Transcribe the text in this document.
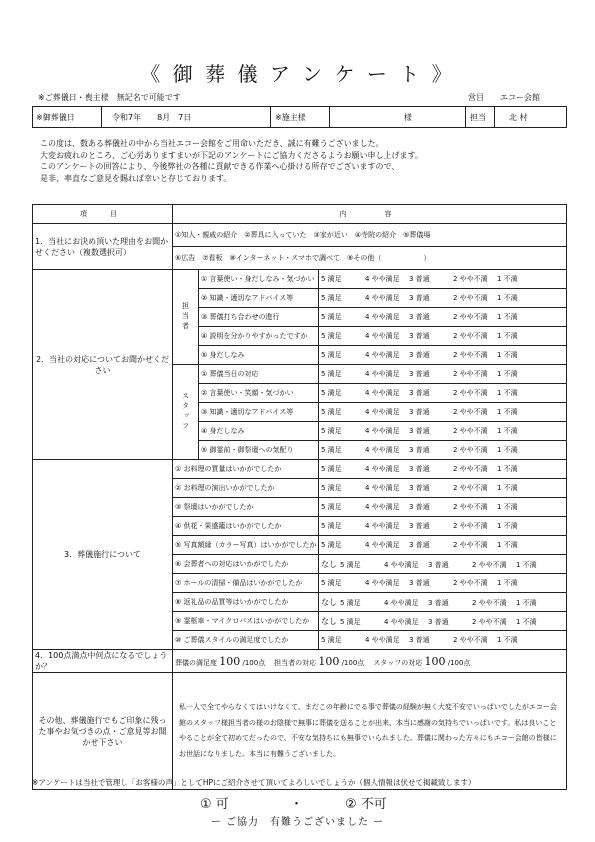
《 御 葬 儀 ア ン ケ ー ト 》
※ご葬儀日・喪主様　無記名で可能です	営目 エコー会館
※御葬儀日	令和7年　　8月　7日	※施主様	様	担当	北 村
この度は、数ある葬儀社の中から当社エコー会館をご用命いただき、誠に有難うございました。
大変お疲れのところ、ご心労ありますまいが下記のアンケートにご協力くださるようお願い申し上げます。
このアンケートの回答により、今後弊社の各種に貢献できる作業へ心掛ける所存でございますので、
是非、率直なご意見を賜れば幸いと存じております。
項　目	内　　容		
1．当社にお決め頂いた理由をお聞かせください（複数選択可）	①知人・親戚の紹介　②葬具に入っていた　③家が近い　④寺院の紹介　⑤葬儀場		
	⑥広告　⑦看板　⑧インターネット・スマホで調べて　⑨その他（　　　　　　）		
2．当社の対応についてお聞かせください	担当者	① 言葉使い・身だしなみ・気づかい	5 満足 4 やや満足 3 普通 2 やや不満 1 不満
		② 知識・適切なアドバイス等	5 満足 4 やや満足 3 普通 2 やや不満 1 不満
		③ 葬儀打ち合わせの進行	5 満足 4 やや満足 3 普通 2 やや不満 1 不満
		④ 説明を分かりやすかったですか	5 満足 4 やや満足 3 普通 2 やや不満 1 不満
		⑤ 身だしなみ	5 満足 4 やや満足 3 普通 2 やや不満 1 不満
	スタッフ	① 葬儀当日の対応	5 満足 4 やや満足 3 普通 2 やや不満 1 不満
		② 言葉使い・笑顔・気づかい	5 満足 4 やや満足 3 普通 2 やや不満 1 不満
		③ 知識・適切なアドバイス等	5 満足 4 やや満足 3 普通 2 やや不満 1 不満
		④ 身だしなみ	5 満足 4 やや満足 3 普通 2 やや不満 1 不満
		⑤ 御霊前・御祭壇への気配り	5 満足 4 やや満足 3 普通 2 やや不満 1 不満
3．葬儀施行について	① お料理の質量はいかがでしたか		5 満足 4 やや満足 3 普通 2 やや不満 1 不満
	② お料理の演出いかがでしたか		5 満足 4 やや満足 3 普通 2 やや不満 1 不満
	③ 祭壇はいかがでしたか		5 満足 4 やや満足 3 普通 2 やや不満 1 不満
	④ 供花・果盛籠はいかがでしたか		5 満足 4 やや満足 3 普通 2 やや不満 1 不満
	⑤ 写真額縁（カラー写真）はいかがでしたか		5 満足 4 やや満足 3 普通 2 やや不満 1 不満
	⑥ 会葬者への対応はいかがでしたか		なし 5 満足 4 やや満足 3 普通 2 やや不満 1 不満
	⑦ ホールの清掃・備品はいかがでしたか		5 満足 4 やや満足 3 普通 2 やや不満 1 不満
	⑧ 返礼品の品質等はいかがでしたか		なし 5 満足 4 やや満足 3 普通 2 やや不満 1 不満
	⑨ 霊柩車・マイクロバスはいかがでしたか		なし 5 満足 4 やや満足 3 普通 2 やや不満 1 不満
	⑩ ご葬儀スタイルの満足度でしたか		5 満足 4 やや満足 3 普通 2 やや不満 1 不満
4．100点満点中何点になるでしょうか？	葬儀の満足度 100 /100点 担当者の対応 100 /100点 スタッフの対応 100 /100点		
その他、葬儀施行でもご印象に残った事やお気づきの点・ご意見等お聞かせ下さい	私一人で全てやらなくてはいけなくて、まだこの年齢にでる事で葬儀の経験が無く大変不安でいっぱいでしたがエコー会館のスタッフ様担当者の様のお陰様で無事に葬儀を送ることが出来、本当に感謝の気持ちでいっぱいです。私は良いことやることが全て初めてだったので、不安な気持ちにも無事でいられました。葬儀に関わった方々にもエコー会館の皆様にお世話になりました。本当に有難うございました。		
※アンケートは当社で管理し「お客様の声」としてHPにご紹介させて頂いてよろしいでしょうか（個人情報は伏せて掲載致します）
① 可	・	② 不可
ー ご協力　有難うございました ー
